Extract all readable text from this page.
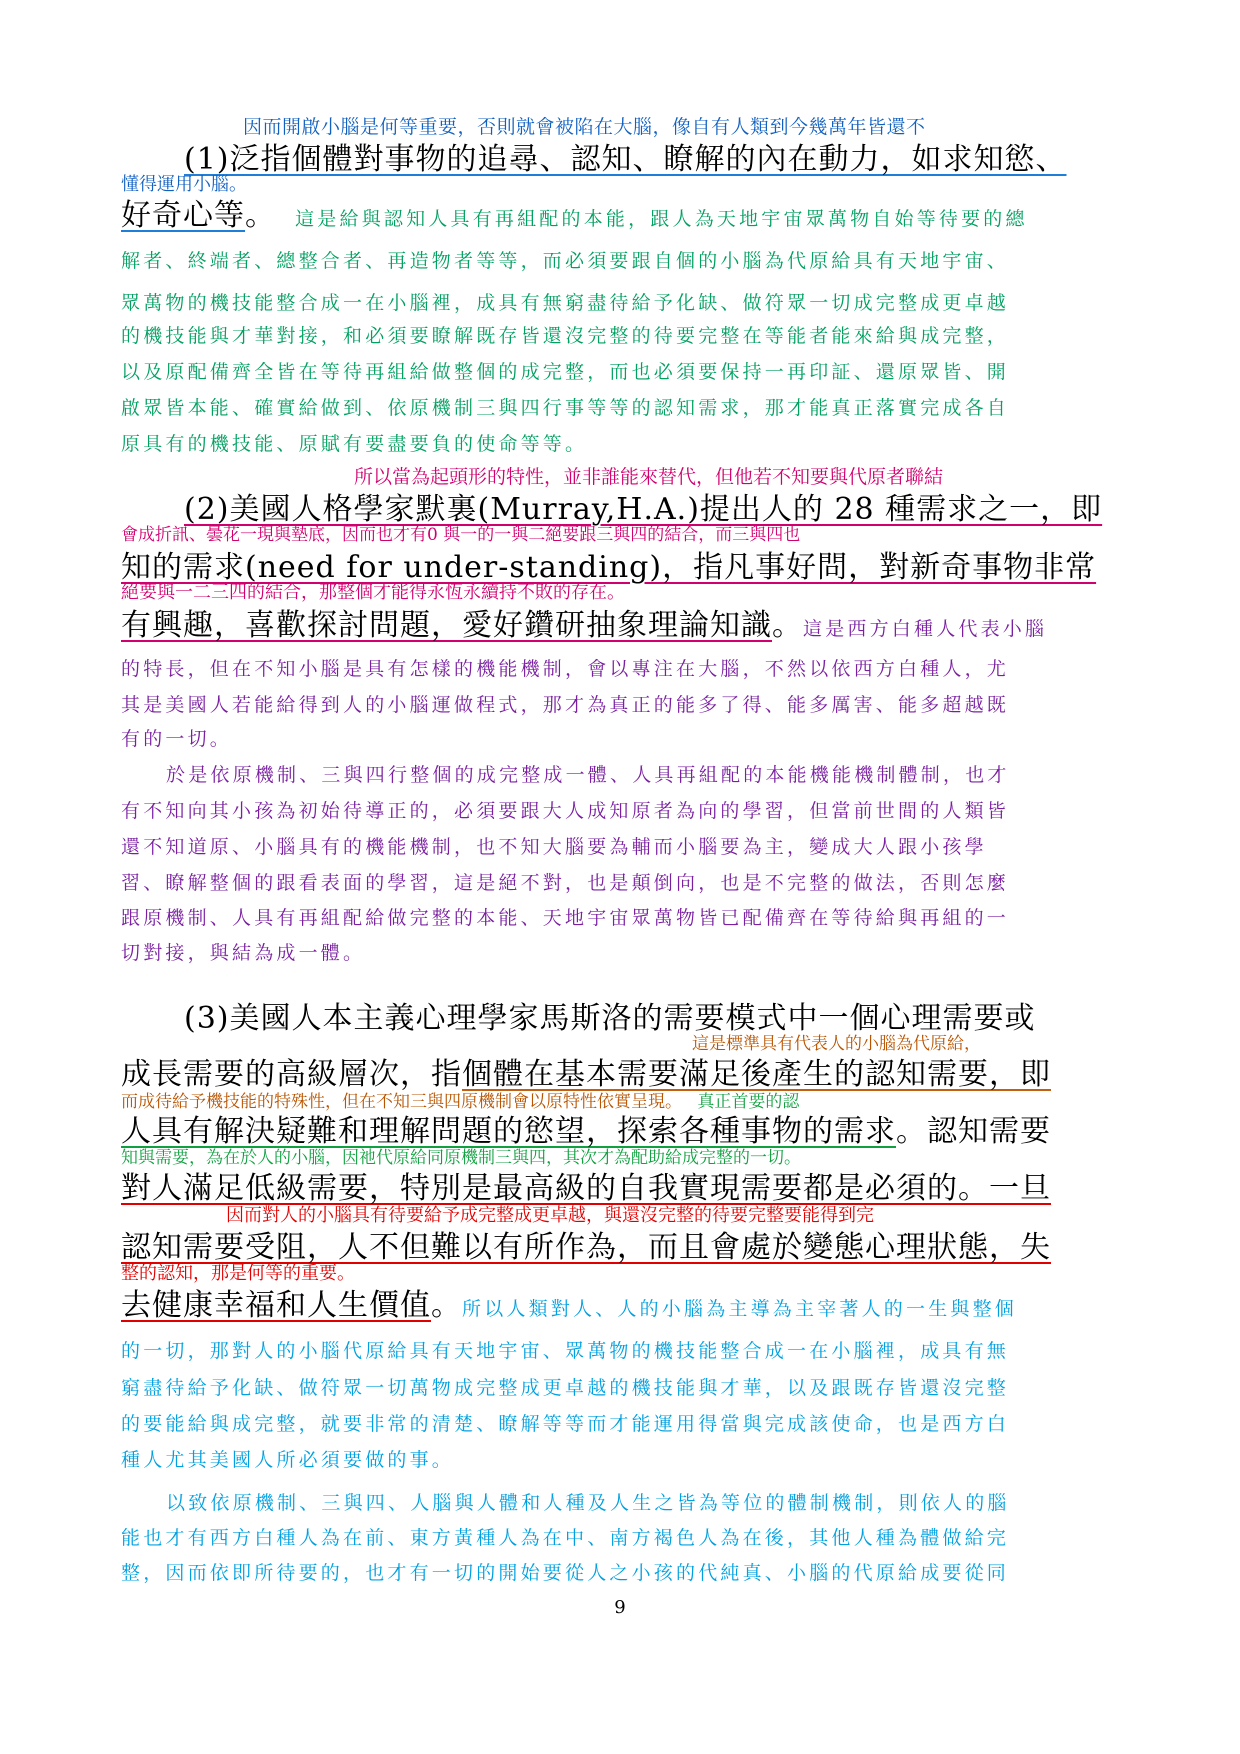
因而開啟小腦是何等重要，否則就會被陷在大腦，像自有人類到今幾萬年皆還不
(1)泛指個體對事物的追尋、認知、瞭解的內在動力，如求知慾、
懂得運用小腦。
好奇心等。 這是給與認知人具有再組配的本能，跟人為天地宇宙眾萬物自始等待要的總
解者、終端者、總整合者、再造物者等等，而必須要跟自個的小腦為代原給具有天地宇宙、
眾萬物的機技能整合成一在小腦裡，成具有無窮盡待給予化缺、做符眾一切成完整成更卓越
的機技能與才華對接，和必須要瞭解既存皆還沒完整的待要完整在等能者能來給與成完整，
以及原配備齊全皆在等待再組給做整個的成完整，而也必須要保持一再印証、還原眾皆、開
啟眾皆本能、確實給做到、依原機制三與四行事等等的認知需求，那才能真正落實完成各自
原具有的機技能、原賦有要盡要負的使命等等。
所以當為起頭形的特性，並非誰能來替代，但他若不知要與代原者聯結
(2)美國人格學家默裏(Murray,H.A.)提出人的 28 種需求之一，即
會成折訊、曇花一現與墊底，因而也才有0 與一的一與二絕要跟三與四的結合，而三與四也
知的需求(need for under-standing)，指凡事好問，對新奇事物非常
絕要與一二三四的結合，那整個才能得永恆永續持不敗的存在。
有興趣，喜歡探討問題，愛好鑽研抽象理論知識。這是西方白種人代表小腦
的特長，但在不知小腦是具有怎樣的機能機制，會以專注在大腦，不然以依西方白種人，尤
其是美國人若能給得到人的小腦運做程式，那才為真正的能多了得、能多厲害、能多超越既
有的一切。
於是依原機制、三與四行整個的成完整成一體、人具再組配的本能機能機制體制，也才
有不知向其小孩為初始待導正的，必須要跟大人成知原者為向的學習，但當前世間的人類皆
還不知道原、小腦具有的機能機制，也不知大腦要為輔而小腦要為主，變成大人跟小孩學
習、瞭解整個的跟看表面的學習，這是絕不對，也是顛倒向，也是不完整的做法，否則怎麼
跟原機制、人具有再組配給做完整的本能、天地宇宙眾萬物皆已配備齊在等待給與再組的一
切對接，與結為成一體。
(3)美國人本主義心理學家馬斯洛的需要模式中一個心理需要或
這是標準具有代表人的小腦為代原給，
成長需要的高級層次，指個體在基本需要滿足後產生的認知需要，即
而成待給予機技能的特殊性，但在不知三與四原機制會以原特性依實呈現。 真正首要的認
人具有解決疑難和理解問題的慾望，探索各種事物的需求。認知需要
知與需要，為在於人的小腦，因祂代原給同原機制三與四，其次才為配助給成完整的一切。
對人滿足低級需要，特別是最高級的自我實現需要都是必須的。一旦
因而對人的小腦具有待要給予成完整成更卓越，與還沒完整的待要完整要能得到完
認知需要受阻，人不但難以有所作為，而且會處於變態心理狀態，失
整的認知，那是何等的重要。
去健康幸福和人生價值。所以人類對人、人的小腦為主導為主宰著人的一生與整個
的一切，那對人的小腦代原給具有天地宇宙、眾萬物的機技能整合成一在小腦裡，成具有無
窮盡待給予化缺、做符眾一切萬物成完整成更卓越的機技能與才華，以及跟既存皆還沒完整
的要能給與成完整，就要非常的清楚、瞭解等等而才能運用得當與完成該使命，也是西方白
種人尤其美國人所必須要做的事。
以致依原機制、三與四、人腦與人體和人種及人生之皆為等位的體制機制，則依人的腦
能也才有西方白種人為在前、東方黃種人為在中、南方褐色人為在後，其他人種為體做給完
整，因而依即所待要的，也才有一切的開始要從人之小孩的代純真、小腦的代原給成要從同
9
